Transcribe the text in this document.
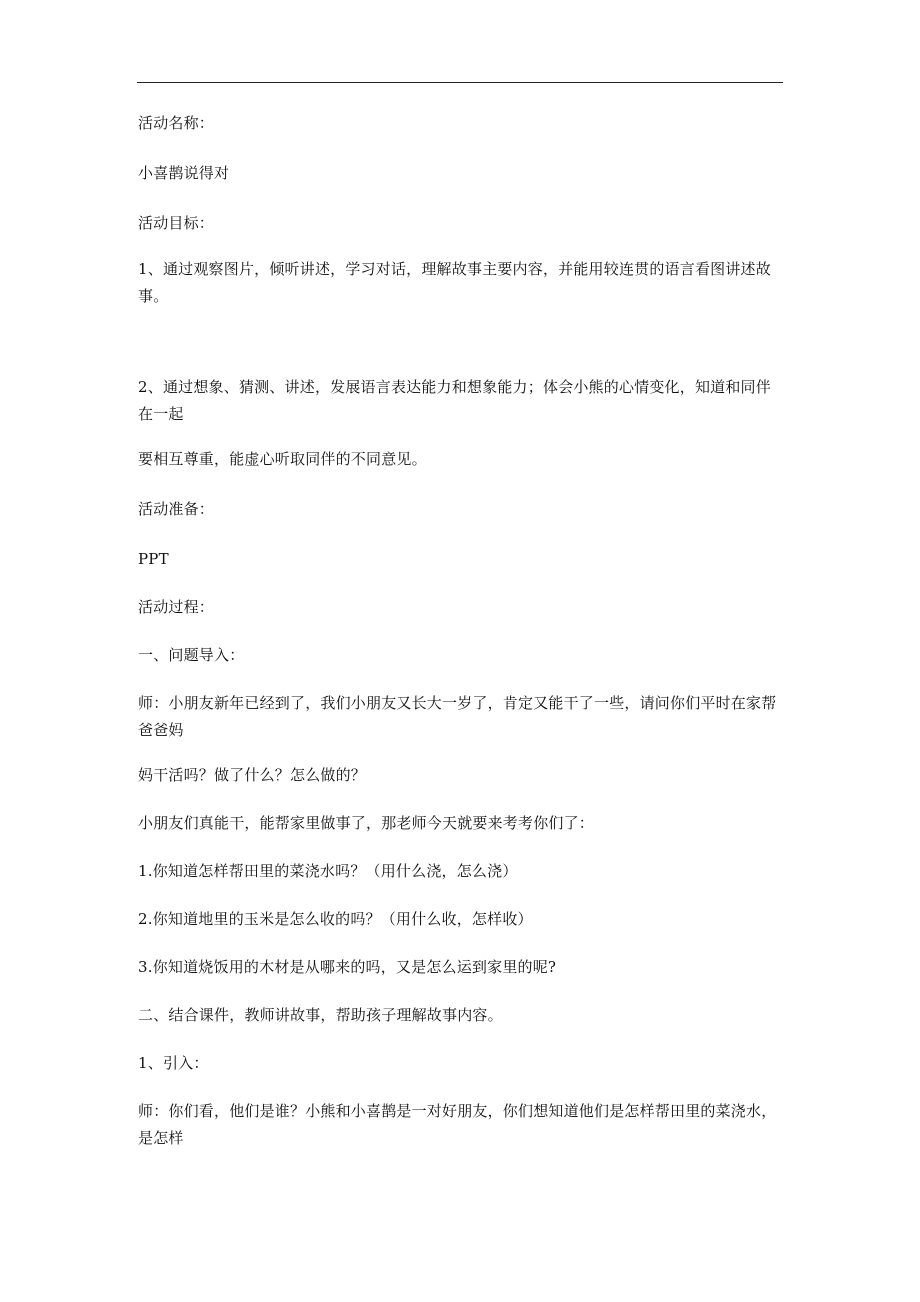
活动名称：

小喜鹊说得对

活动目标：

1、通过观察图片，倾听讲述，学习对话，理解故事主要内容，并能用较连贯的语言看图讲述故事。

2、通过想象、猜测、讲述，发展语言表达能力和想象能力；体会小熊的心情变化，知道和同伴在一起

要相互尊重，能虚心听取同伴的不同意见。

活动准备：

PPT

活动过程：

一、问题导入：

师：小朋友新年已经到了，我们小朋友又长大一岁了，肯定又能干了一些，请问你们平时在家帮爸爸妈

妈干活吗？做了什么？怎么做的？

小朋友们真能干，能帮家里做事了，那老师今天就要来考考你们了：

1.你知道怎样帮田里的菜浇水吗？（用什么浇，怎么浇）

2.你知道地里的玉米是怎么收的吗？（用什么收，怎样收）

3.你知道烧饭用的木材是从哪来的吗，又是怎么运到家里的呢?

二、结合课件，教师讲故事，帮助孩子理解故事内容。

1、引入：

师：你们看，他们是谁？小熊和小喜鹊是一对好朋友，你们想知道他们是怎样帮田里的菜浇水，是怎样
